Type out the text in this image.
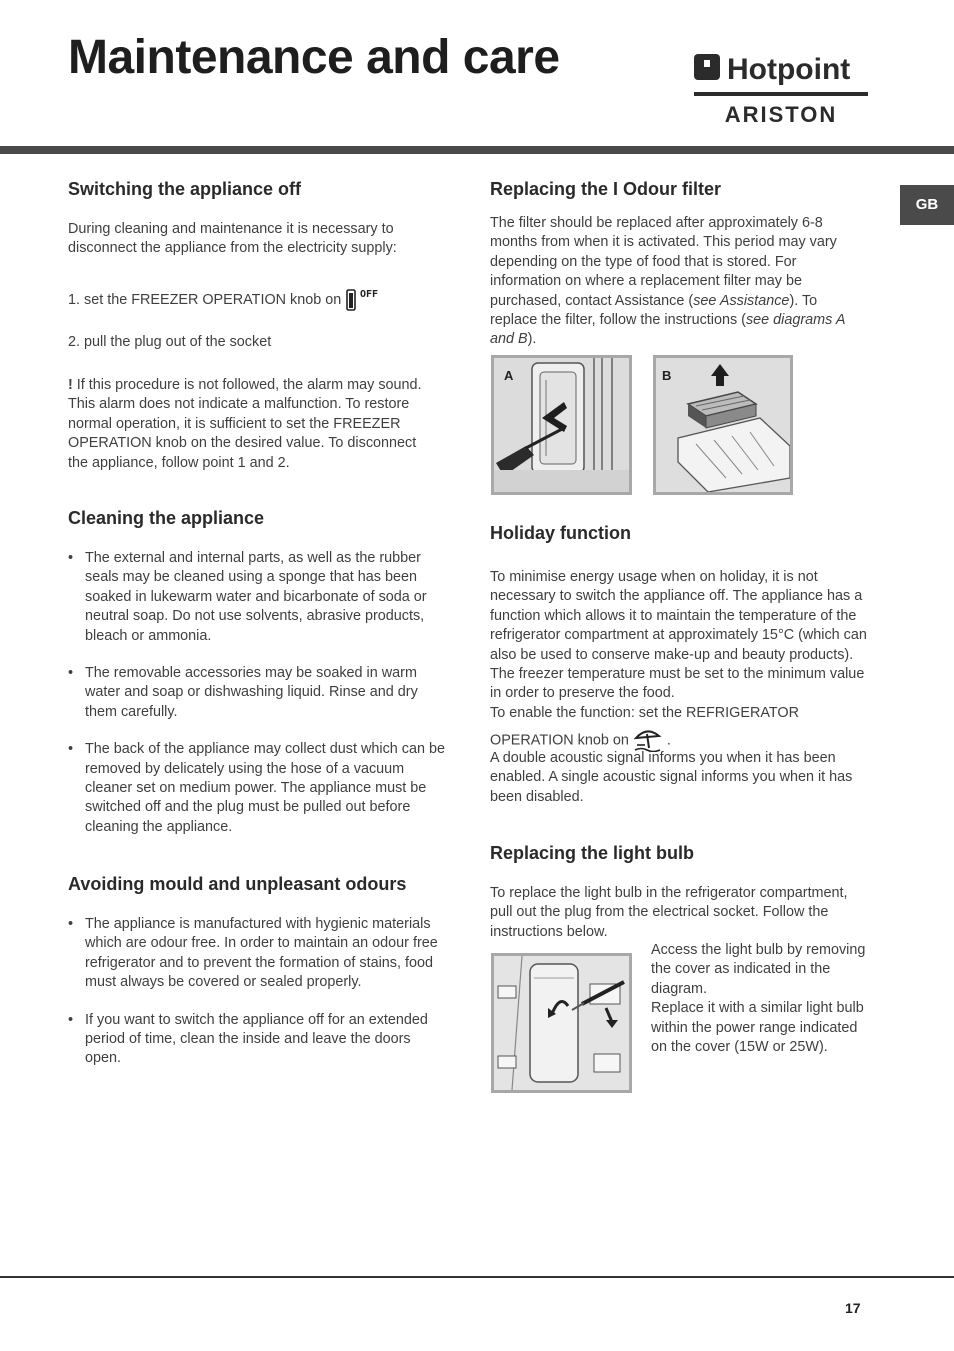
Maintenance and care	Hotpoint
ARISTON
GB
Switching the appliance off

During cleaning and maintenance it is necessary to disconnect the appliance from the electricity supply:

1. set the FREEZER OPERATION knob on OFF

2. pull the plug out of the socket

! If this procedure is not followed, the alarm may sound. This alarm does not indicate a malfunction. To restore normal operation, it is sufficient to set the FREEZER OPERATION knob on the desired value. To disconnect the appliance, follow point 1 and 2.
Cleaning the appliance
• The external and internal parts, as well as the rubber seals may be cleaned using a sponge that has been soaked in lukewarm water and bicarbonate of soda or neutral soap. Do not use solvents, abrasive products, bleach or ammonia.
• The removable accessories may be soaked in warm water and soap or dishwashing liquid. Rinse and dry them carefully.
• The back of the appliance may collect dust which can be removed by delicately using the hose of a vacuum cleaner set on medium power. The appliance must be switched off and the plug must be pulled out before cleaning the appliance.
Avoiding mould and unpleasant odours
• The appliance is manufactured with hygienic materials which are odour free. In order to maintain an odour free refrigerator and to prevent the formation of stains, food must always be covered or sealed properly.
• If you want to switch the appliance off for an extended period of time, clean the inside and leave the doors open.
Replacing the I Odour filter
The filter should be replaced after approximately 6-8 months from when it is activated. This period may vary depending on the type of food that is stored. For information on where a replacement filter may be purchased, contact Assistance (see Assistance). To replace the filter, follow the instructions (see diagrams A and B).
A	B
Holiday function

To minimise energy usage when on holiday, it is not necessary to switch the appliance off. The appliance has a function which allows it to maintain the temperature of the refrigerator compartment at approximately 15°C (which can also be used to conserve make-up and beauty products). The freezer temperature must be set to the minimum value in order to preserve the food.

To enable the function: set the REFRIGERATOR

OPERATION knob on  .

A double acoustic signal informs you when it has been enabled. A single acoustic signal informs you when it has been disabled.

Replacing the light bulb

To replace the light bulb in the refrigerator compartment, pull out the plug from the electrical socket. Follow the instructions below.

Access the light bulb by removing the cover as indicated in the diagram.

Replace it with a similar light bulb within the power range indicated on the cover (15W or 25W).

17
